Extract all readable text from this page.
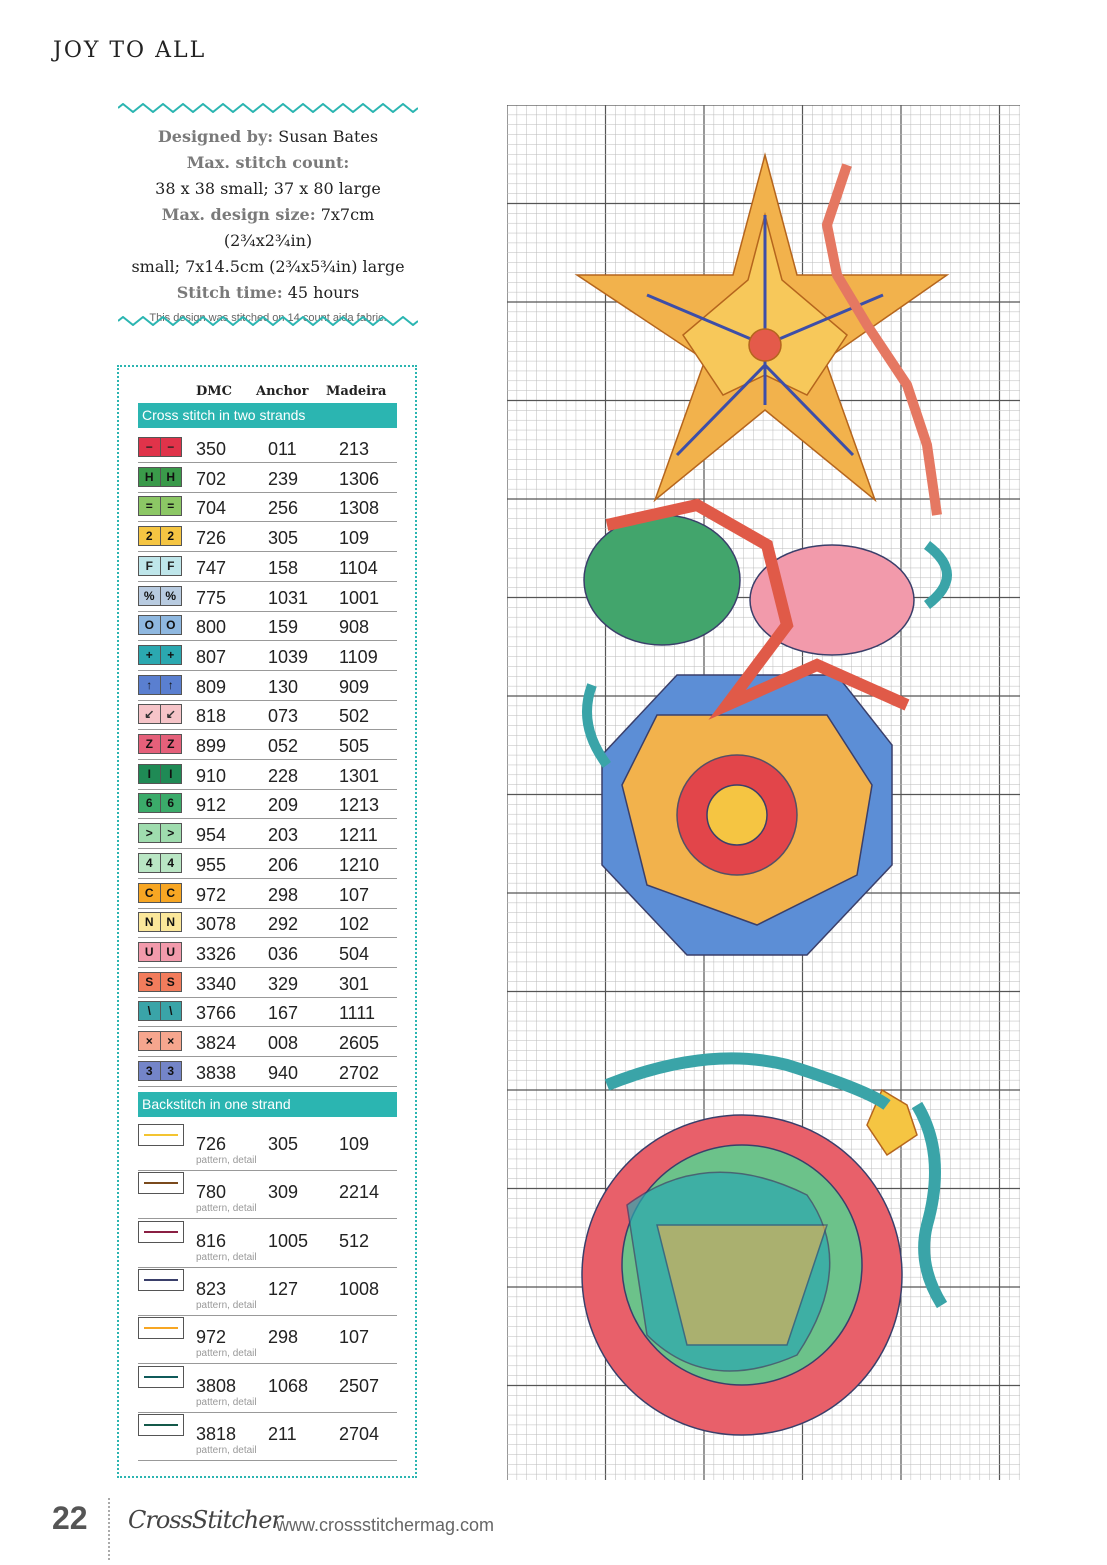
JOY TO ALL
Designed by: Susan Bates
Max. stitch count:
38 x 38 small; 37 x 80 large
Max. design size: 7x7cm (2¾x2¾in)
small; 7x14.5cm (2¾x5¾in) large
Stitch time: 45 hours
This design was stitched on 14 count aida fabric.
DMC Anchor Madeira
Cross stitch in two strands
−	−	350 011 213
H	H	702 239 1306
=	=	704 256 1308
2	2	726 305 109
F	F	747 158 1104
% % 775 1031 1001
O	O	800 159 908
+	+	807 1039 1109
↑	↑	809 130 909
↙ ↙ 818 073 502
Z	Z	899 052 505
I	I	910 228 1301
6	6	912 209 1213
>	>	954 203 1211
4	4	955 206 1210
C	C	972 298 107
N	N	3078 292 102
U	U	3326 036 504
S	S	3340 329 301
\	\	3766 167 1111
×	×	3824 008 2605
3	3	3838 940 2702
Backstitch in one strand
726 305 109
pattern, detail
780 309 2214
pattern, detail
816 1005 512
pattern, detail
823 127 1008
pattern, detail
972 298 107
pattern, detail
3808 1068 2507
pattern, detail
3818 211 2704
pattern, detail
22 CrossStitcher
www.crossstitchermag.com
